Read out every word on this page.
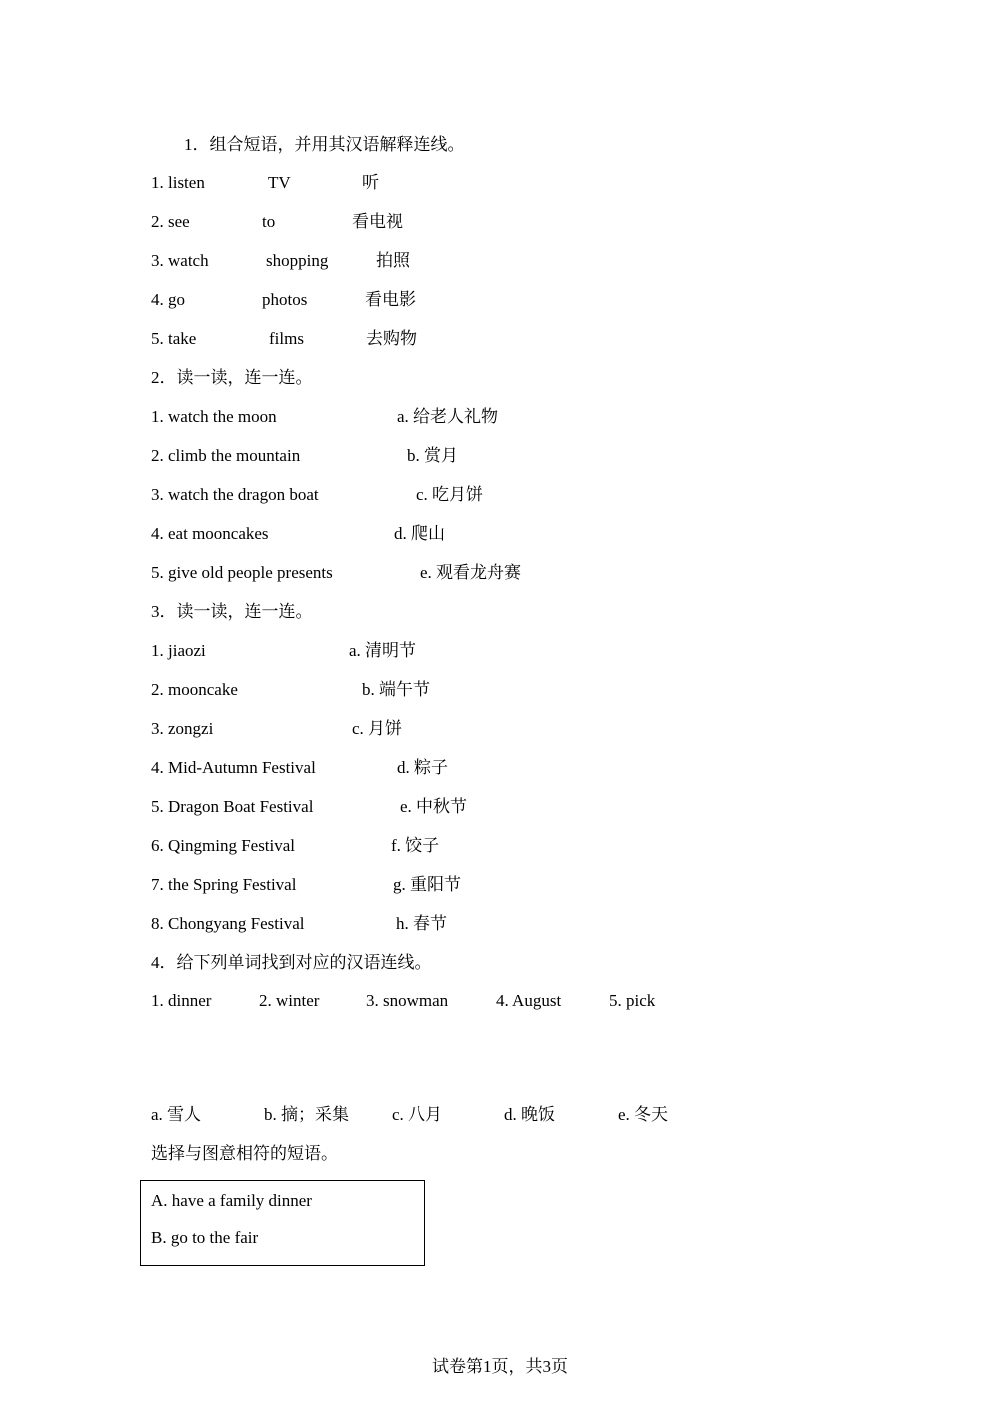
1．组合短语，并用其汉语解释连线。
1. listen	TV	听
2. see	to	看电视
3. watch	shopping	拍照
4. go	photos	看电影
5. take	films	去购物
2．读一读，连一连。
1. watch the moon	a. 给老人礼物
2. climb the mountain	b. 赏月
3. watch the dragon boat	c. 吃月饼
4. eat mooncakes	d. 爬山
5. give old people presents	e. 观看龙舟赛
3．读一读，连一连。
1. jiaozi	a. 清明节
2. mooncake	b. 端午节
3. zongzi	c. 月饼
4. Mid-Autumn Festival	d. 粽子
5. Dragon Boat Festival	e. 中秋节
6. Qingming Festival	f. 饺子
7. the Spring Festival	g. 重阳节
8. Chongyang Festival	h. 春节
4．给下列单词找到对应的汉语连线。
1. dinner	2. winter	3. snowman	4. August	5. pick
a. 雪人	b. 摘；采集	c. 八月	d. 晚饭	e. 冬天
选择与图意相符的短语。
A. have a family dinner
B. go to the fair
试卷第1页，共3页
